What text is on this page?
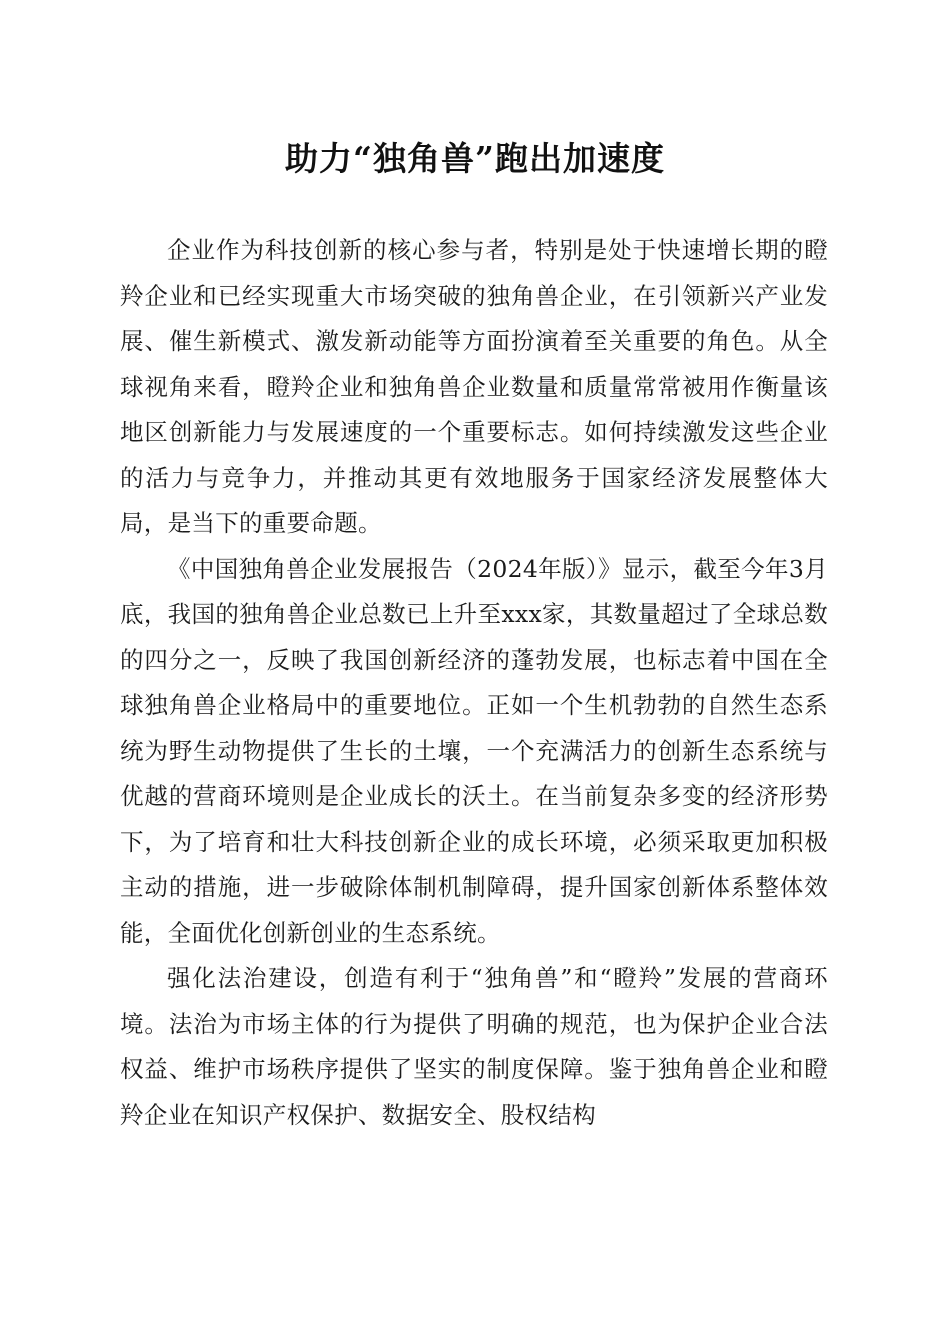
助力“独角兽”跑出加速度

企业作为科技创新的核心参与者，特别是处于快速增长期的瞪羚企业和已经实现重大市场突破的独角兽企业，在引领新兴产业发展、催生新模式、激发新动能等方面扮演着至关重要的角色。从全球视角来看，瞪羚企业和独角兽企业数量和质量常常被用作衡量该地区创新能力与发展速度的一个重要标志。如何持续激发这些企业的活力与竞争力，并推动其更有效地服务于国家经济发展整体大局，是当下的重要命题。

《中国独角兽企业发展报告（2024年版）》显示，截至今年3月底，我国的独角兽企业总数已上升至xxx家，其数量超过了全球总数的四分之一，反映了我国创新经济的蓬勃发展，也标志着中国在全球独角兽企业格局中的重要地位。正如一个生机勃勃的自然生态系统为野生动物提供了生长的土壤，一个充满活力的创新生态系统与优越的营商环境则是企业成长的沃土。在当前复杂多变的经济形势下，为了培育和壮大科技创新企业的成长环境，必须采取更加积极主动的措施，进一步破除体制机制障碍，提升国家创新体系整体效能，全面优化创新创业的生态系统。

强化法治建设，创造有利于“独角兽”和“瞪羚”发展的营商环境。法治为市场主体的行为提供了明确的规范，也为保护企业合法权益、维护市场秩序提供了坚实的制度保障。鉴于独角兽企业和瞪羚企业在知识产权保护、数据安全、股权结构
